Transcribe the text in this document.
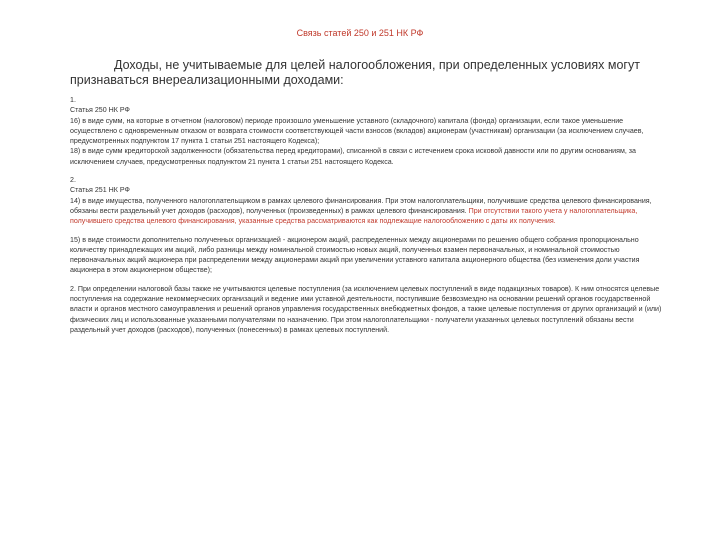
Связь статей 250 и 251 НК РФ
Доходы, не учитываемые для целей налогообложения, при определенных условиях могут признаваться внереализационными доходами:

1.

Статья 250 НК РФ

16) в виде сумм, на которые в отчетном (налоговом) периоде произошло уменьшение уставного (складочного) капитала (фонда) организации, если такое уменьшение осуществлено с одновременным отказом от возврата стоимости соответствующей части взносов (вкладов) акционерам (участникам) организации (за исключением случаев, предусмотренных подпунктом 17 пункта 1 статьи 251 настоящего Кодекса);

18) в виде сумм кредиторской задолженности (обязательства перед кредиторами), списанной в связи с истечением срока исковой давности или по другим основаниям, за исключением случаев, предусмотренных подпунктом 21 пункта 1 статьи 251 настоящего Кодекса.

2.

Статья 251 НК РФ

14) в виде имущества, полученного налогоплательщиком в рамках целевого финансирования. При этом налогоплательщики, получившие средства целевого финансирования, обязаны вести раздельный учет доходов (расходов), полученных (произведенных) в рамках целевого финансирования. При отсутствии такого учета у налогоплательщика, получившего средства целевого финансирования, указанные средства рассматриваются как подлежащие налогообложению с даты их получения.

15) в виде стоимости дополнительно полученных организацией - акционером акций, распределенных между акционерами по решению общего собрания пропорционально количеству принадлежащих им акций, либо разницы между номинальной стоимостью новых акций, полученных взамен первоначальных, и номинальной стоимостью первоначальных акций акционера при распределении между акционерами акций при увеличении уставного капитала акционерного общества (без изменения доли участия акционера в этом акционерном обществе);

2. При определении налоговой базы также не учитываются целевые поступления (за исключением целевых поступлений в виде подакцизных товаров). К ним относятся целевые поступления на содержание некоммерческих организаций и ведение ими уставной деятельности, поступившие безвозмездно на основании решений органов государственной власти и органов местного самоуправления и решений органов управления государственных внебюджетных фондов, а также целевые поступления от других организаций и (или) физических лиц и использованные указанными получателями по назначению. При этом налогоплательщики - получатели указанных целевых поступлений обязаны вести раздельный учет доходов (расходов), полученных (понесенных) в рамках целевых поступлений.
